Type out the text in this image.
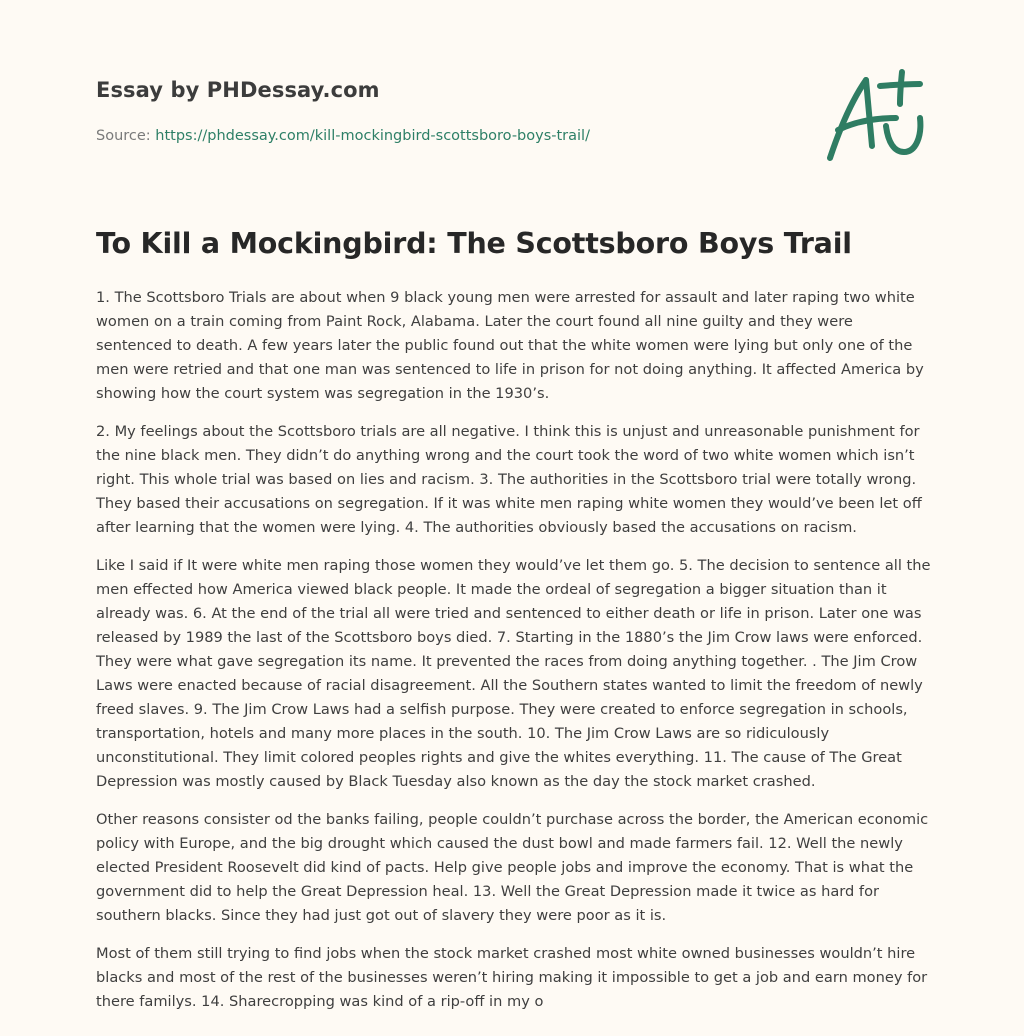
Essay by PHDessay.com
Source: https://phdessay.com/kill-mockingbird-scottsboro-boys-trail/
To Kill a Mockingbird: The Scottsboro Boys Trail

1. The Scottsboro Trials are about when 9 black young men were arrested for assault and later raping two white women on a train coming from Paint Rock, Alabama. Later the court found all nine guilty and they were sentenced to death. A few years later the public found out that the white women were lying but only one of the men were retried and that one man was sentenced to life in prison for not doing anything. It affected America by showing how the court system was segregation in the 1930’s.

2. My feelings about the Scottsboro trials are all negative. I think this is unjust and unreasonable punishment for the nine black men. They didn’t do anything wrong and the court took the word of two white women which isn’t right. This whole trial was based on lies and racism. 3. The authorities in the Scottsboro trial were totally wrong. They based their accusations on segregation. If it was white men raping white women they would’ve been let off after learning that the women were lying. 4. The authorities obviously based the accusations on racism.

Like I said if It were white men raping those women they would’ve let them go. 5. The decision to sentence all the men effected how America viewed black people. It made the ordeal of segregation a bigger situation than it already was. 6. At the end of the trial all were tried and sentenced to either death or life in prison. Later one was released by 1989 the last of the Scottsboro boys died. 7. Starting in the 1880’s the Jim Crow laws were enforced. They were what gave segregation its name. It prevented the races from doing anything together. . The Jim Crow Laws were enacted because of racial disagreement. All the Southern states wanted to limit the freedom of newly freed slaves. 9. The Jim Crow Laws had a selfish purpose. They were created to enforce segregation in schools, transportation, hotels and many more places in the south. 10. The Jim Crow Laws are so ridiculously unconstitutional. They limit colored peoples rights and give the whites everything. 11. The cause of The Great Depression was mostly caused by Black Tuesday also known as the day the stock market crashed.

Other reasons consister od the banks failing, people couldn’t purchase across the border, the American economic policy with Europe, and the big drought which caused the dust bowl and made farmers fail. 12. Well the newly elected President Roosevelt did kind of pacts. Help give people jobs and improve the economy. That is what the government did to help the Great Depression heal. 13. Well the Great Depression made it twice as hard for southern blacks. Since they had just got out of slavery they were poor as it is.

Most of them still trying to find jobs when the stock market crashed most white owned businesses wouldn’t hire blacks and most of the rest of the businesses weren’t hiring making it impossible to get a job and earn money for there familys. 14. Sharecropping was kind of a rip-off in my o
